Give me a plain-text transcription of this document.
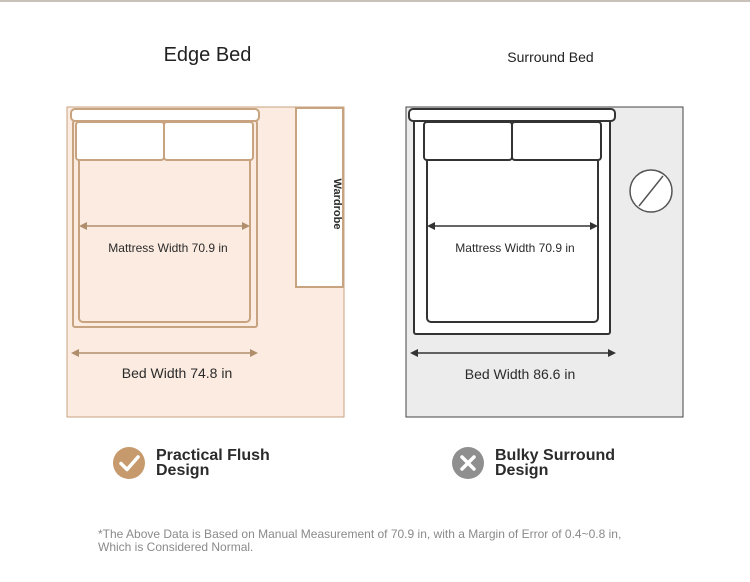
Edge Bed	Surround Bed
Wardrobe
Mattress Width 70.9 in
Bed Width 74.8 in
Mattress Width 70.9 in
Bed Width 86.6 in
Practical Flush
Design
Bulky Surround
Design
*The Above Data is Based on Manual Measurement of 70.9 in, with a Margin of Error of 0.4~0.8 in,
Which is Considered Normal.
